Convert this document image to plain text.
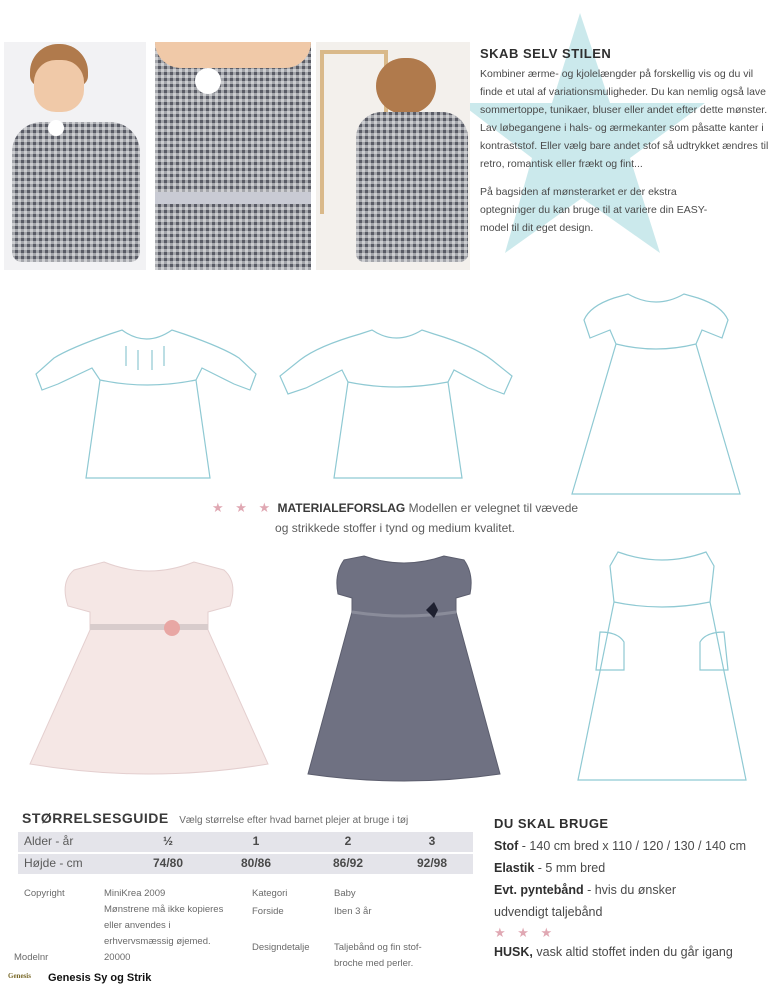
SKAB SELV STILEN

Kombiner ærme- og kjolelængder på forskellig vis og du vil finde et utal af variationsmuligheder. Du kan nemlig også lave sommertoppe, tunikaer, bluser eller andet efter dette mønster. Lav løbegangene i hals- og ærmekanter som påsatte kanter i kontraststof. Eller vælg bare andet stof så udtrykket ændres til retro, romantisk eller frækt og fint...

På bagsiden af mønsterarket er der ekstra optegninger du kan bruge til at variere din EASY-model til dit eget design.

★ ★ ★ MATERIALEFORSLAG Modellen er velegnet til vævede
og strikkede stoffer i tynd og medium kvalitet.
STØRRELSESGUIDE Vælg størrelse efter hvad barnet plejer at bruge i tøj
Alder - år	½	1	2	3
Højde - cm	74/80	80/86	86/92	92/98
Copyright	MiniKrea 2009
Mønstrene må ikke kopieres eller anvendes i erhvervsmæssig øjemed.
Modelnr	20000
Kategori	Baby
Forside	Iben 3 år
Designdetalje	Taljebånd og fin stof-broche med perler.
DU SKAL BRUGE
Stof - 140 cm bred x 110 / 120 / 130 / 140 cm
Elastik - 5 mm bred
Evt. pyntebånd - hvis du ønsker
udvendigt taljebånd
★ ★ ★
HUSK, vask altid stoffet inden du går igang
Genesis Genesis Sy og Strik
